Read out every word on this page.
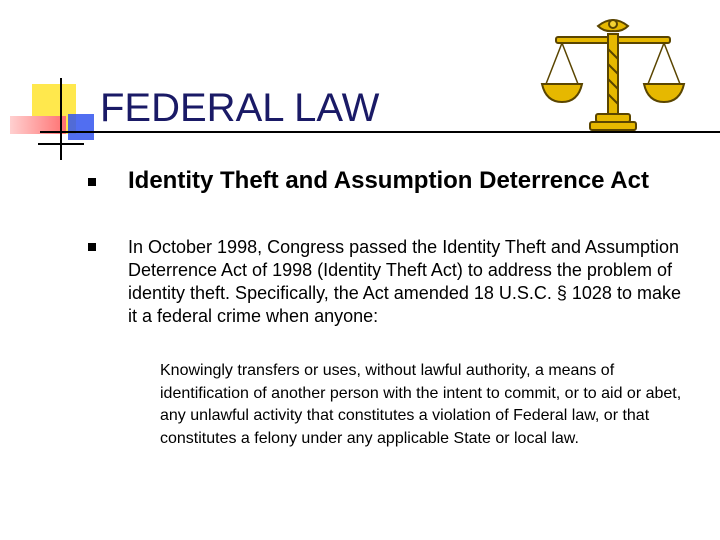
FEDERAL LAW
Identity Theft and Assumption Deterrence Act
In October 1998, Congress passed the Identity Theft and Assumption Deterrence Act of 1998 (Identity Theft Act) to address the problem of identity theft. Specifically, the Act amended 18 U.S.C. § 1028 to make it a federal crime when anyone:
Knowingly transfers or uses, without lawful authority, a means of identification of another person with the intent to commit, or to aid or abet, any unlawful activity that constitutes a violation of Federal law, or that constitutes a felony under any applicable State or local law.
